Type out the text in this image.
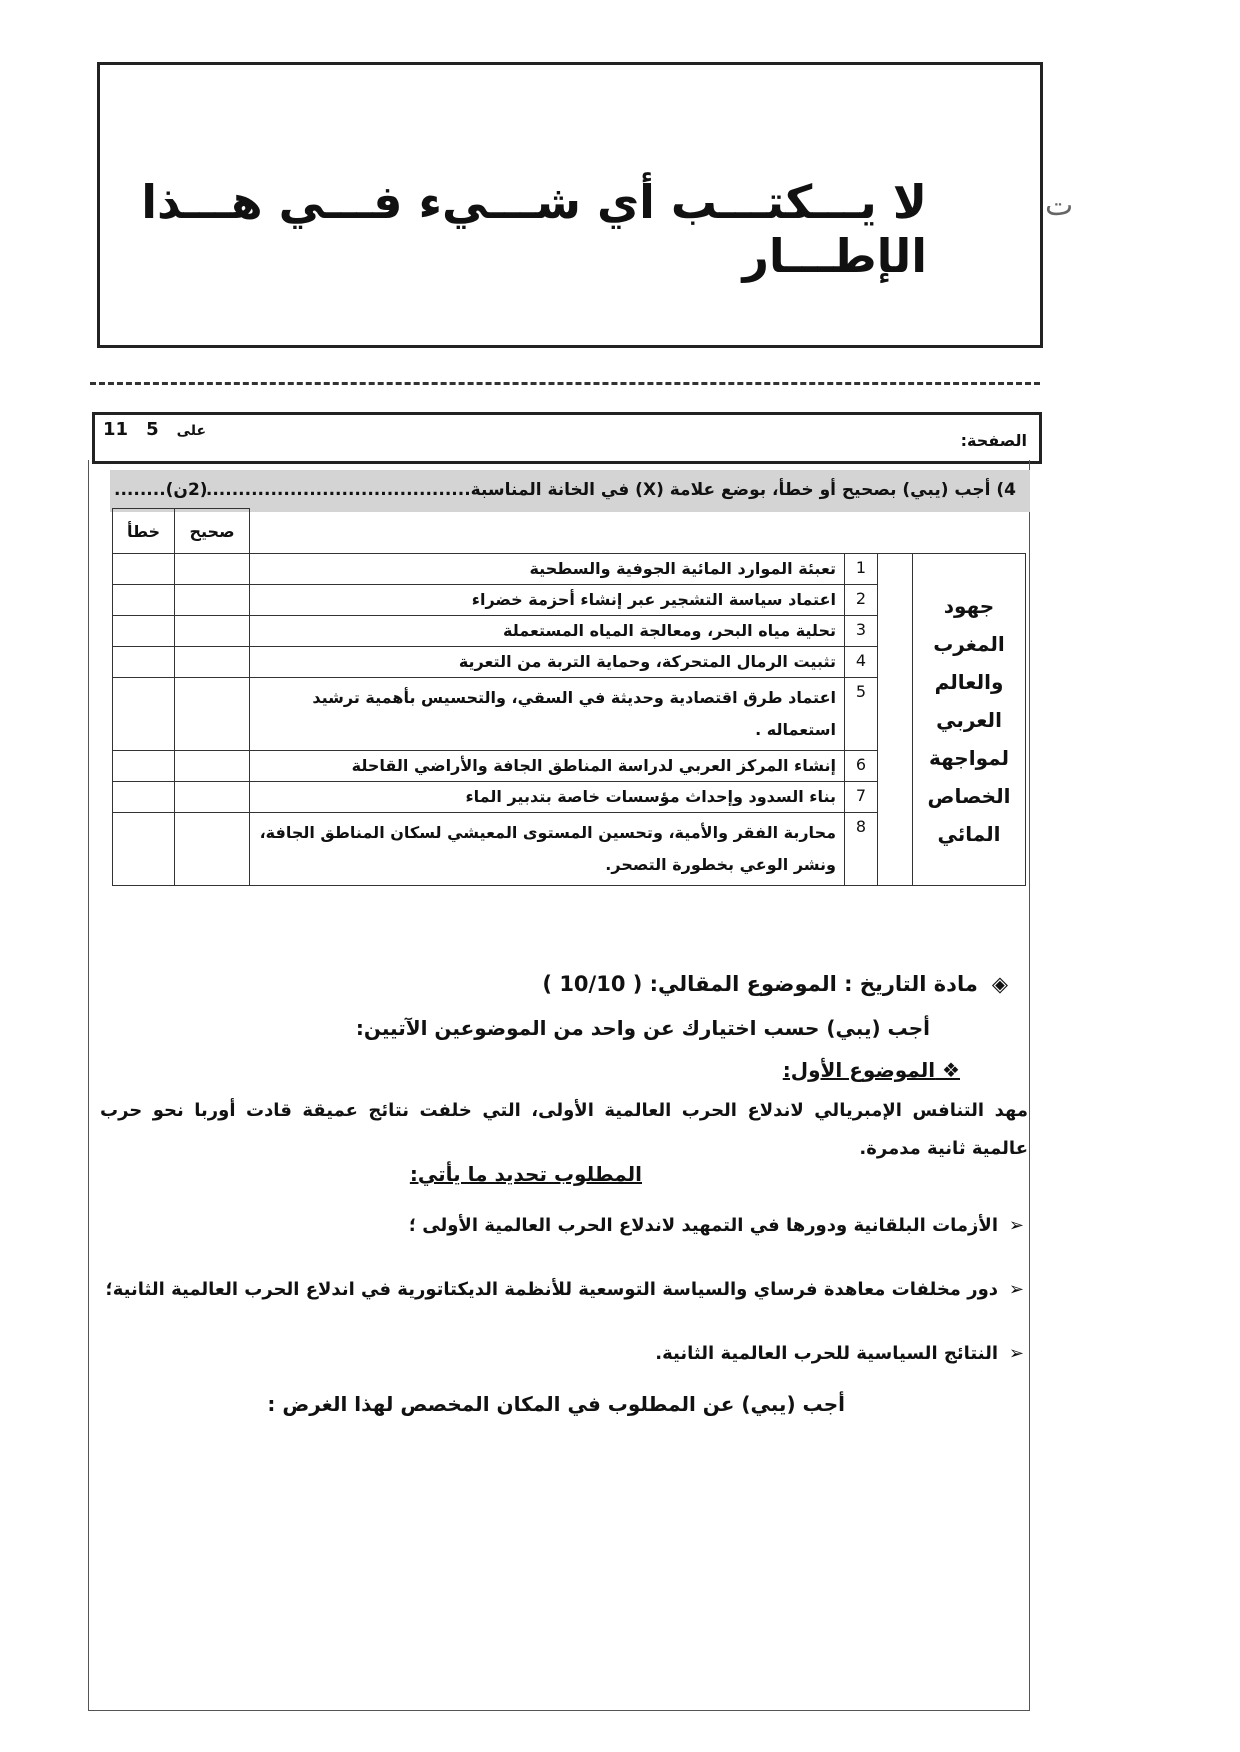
لا يـــكتـــب أي شـــيء فـــي هـــذا الإطـــار
ت
الصفحة:
11	على5
4) أجب (يبي) بصحيح أو خطأ، بوضع علامة (X) في الخانة المناسبة.........................................
(2ن)........
				صحيح	خطأ
جهود المغرب والعالم العربي لمواجهة الخصاص المائي		1	تعبئة الموارد المائية الجوفية والسطحية		
		2	اعتماد سياسة التشجير عبر إنشاء أحزمة خضراء		
		3	تحلية مياه البحر، ومعالجة المياه المستعملة		
		4	تثبيت الرمال المتحركة، وحماية التربة من التعرية		
		5	اعتماد طرق اقتصادية وحديثة في السقي، والتحسيس بأهمية ترشيد استعماله .		
		6	إنشاء المركز العربي لدراسة المناطق الجافة والأراضي القاحلة		
		7	بناء السدود وإحداث مؤسسات خاصة بتدبير الماء		
		8	محاربة الفقر والأمية، وتحسين المستوى المعيشي لسكان المناطق الجافة، ونشر الوعي بخطورة التصحر.		
◈مادة التاريخ : الموضوع المقالي: ( 10/10 )
أجب (يبي) حسب اختيارك عن واحد من الموضوعين الآتيين:
❖ الموضوع الأول:
مهد التنافس الإمبريالي لاندلاع الحرب العالمية الأولى، التي خلفت نتائج عميقة قادت أوربا نحو حرب عالمية ثانية مدمرة.
المطلوب تحديد ما يأتي:
➢
الأزمات البلقانية ودورها في التمهيد لاندلاع الحرب العالمية الأولى ؛
➢
دور مخلفات معاهدة فرساي والسياسة التوسعية للأنظمة الديكتاتورية في اندلاع الحرب العالمية الثانية؛
➢
النتائج السياسية للحرب العالمية الثانية.
أجب (يبي) عن المطلوب في المكان المخصص لهذا الغرض :
